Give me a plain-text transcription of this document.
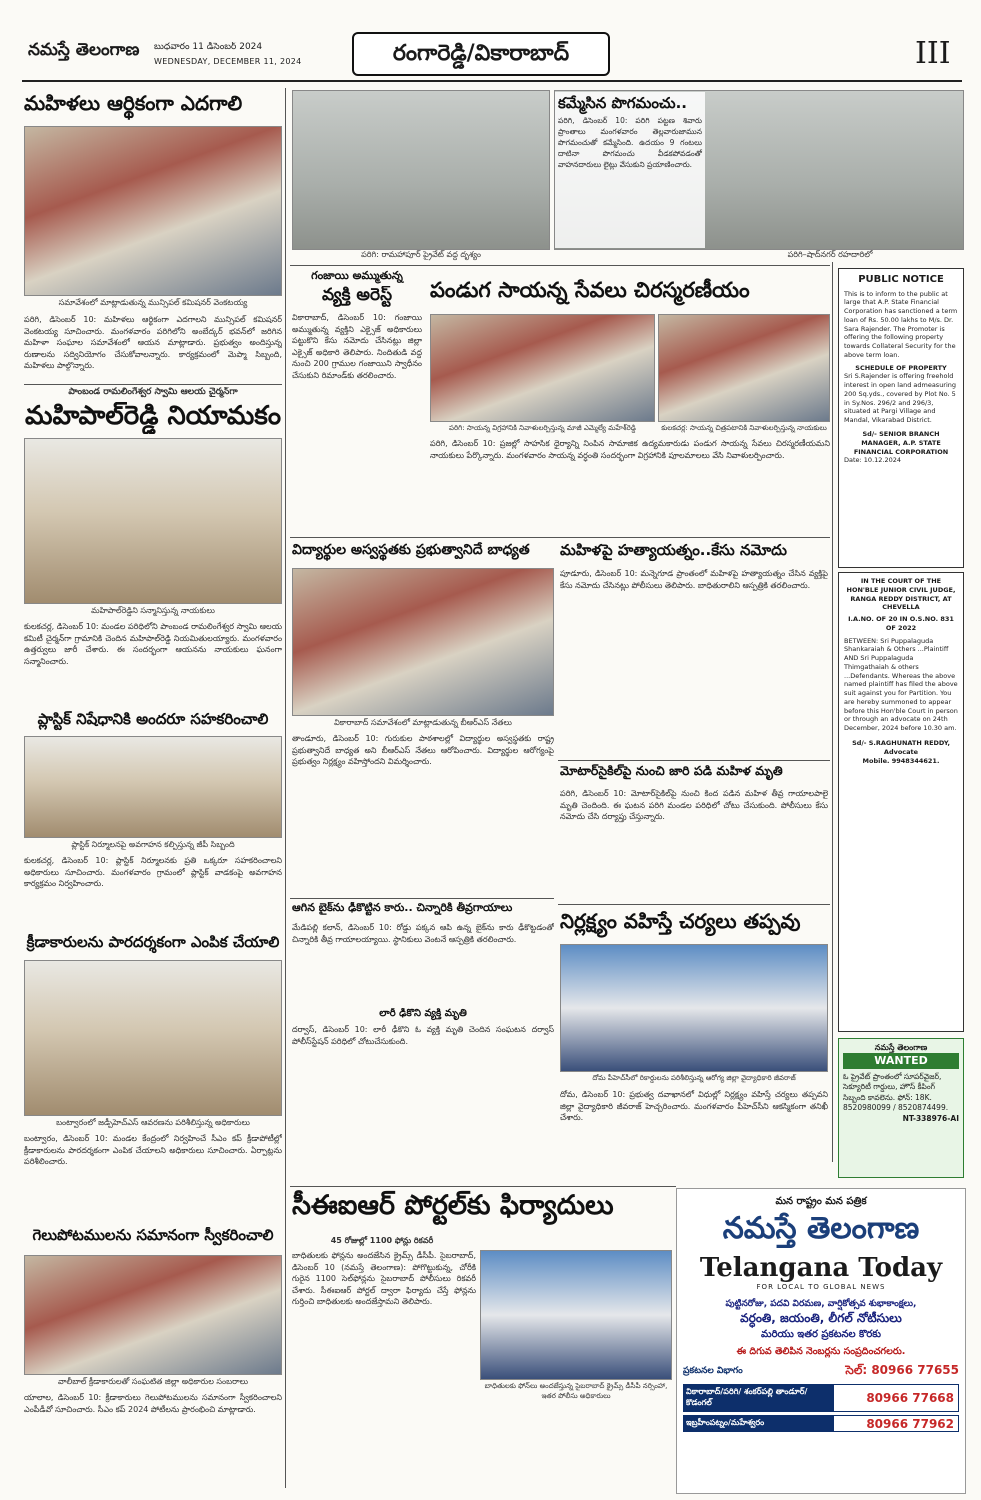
నమస్తే తెలంగాణ	బుధవారం 11 డిసెంబర్ 2024
WEDNESDAY, DECEMBER 11, 2024	రంగారెడ్డి/వికారాబాద్	III
మహిళలు ఆర్థికంగా ఎదగాలి
సమావేశంలో మాట్లాడుతున్న మున్సిపల్ కమిషనర్ వెంకటయ్య
పరిగి, డిసెంబర్ 10: మహిళలు ఆర్థికంగా ఎదగాలని మున్సిపల్ కమిషనర్ వెంకటయ్య సూచించారు. మంగళవారం పరిగిలోని అంబేద్కర్ భవన్‌లో జరిగిన మహిళా సంఘాల సమావేశంలో ఆయన మాట్లాడారు. ప్రభుత్వం అందిస్తున్న రుణాలను సద్వినియోగం చేసుకోవాలన్నారు. కార్యక్రమంలో మెప్మా సిబ్బంది, మహిళలు పాల్గొన్నారు.
పాంబండ రామలింగేశ్వర స్వామి ఆలయ చైర్మన్‌గా
మహిపాల్‌రెడ్డి నియామకం
మహిపాల్‌రెడ్డిని సన్మానిస్తున్న నాయకులు
కులకచర్ల, డిసెంబర్ 10: మండల పరిధిలోని పాంబండ రామలింగేశ్వర స్వామి ఆలయ కమిటీ చైర్మన్‌గా గ్రామానికి చెందిన మహిపాల్‌రెడ్డి నియమితులయ్యారు. మంగళవారం ఉత్తర్వులు జారీ చేశారు. ఈ సందర్భంగా ఆయనను నాయకులు ఘనంగా సన్మానించారు.
ప్లాస్టిక్ నిషేధానికి అందరూ సహకరించాలి
ప్లాస్టిక్ నిర్మూలనపై అవగాహన కల్పిస్తున్న జీపీ సిబ్బంది
కులకచర్ల, డిసెంబర్ 10: ప్లాస్టిక్ నిర్మూలనకు ప్రతి ఒక్కరూ సహకరించాలని అధికారులు సూచించారు. మంగళవారం గ్రామంలో ప్లాస్టిక్ వాడకంపై అవగాహన కార్యక్రమం నిర్వహించారు.
క్రీడాకారులను పారదర్శకంగా ఎంపిక చేయాలి
బంట్వారంలో జడ్పీహెచ్ఎస్ ఆవరణను పరిశీలిస్తున్న అధికారులు
బంట్వారం, డిసెంబర్ 10: మండల కేంద్రంలో నిర్వహించే సీఎం కప్ క్రీడాపోటీల్లో క్రీడాకారులను పారదర్శకంగా ఎంపిక చేయాలని అధికారులు సూచించారు. ఏర్పాట్లను పరిశీలించారు.
గెలుపోటములను సమానంగా స్వీకరించాలి
వాలీబాల్ క్రీడాకారులతో సంఘటిత జిల్లా అధికారుల సంబరాలు
యాలాల, డిసెంబర్ 10: క్రీడాకారులు గెలుపోటములను సమానంగా స్వీకరించాలని ఎంపీడీవో సూచించారు. సీఎం కప్ 2024 పోటీలను ప్రారంభించి మాట్లాడారు.
పరిగి: రామహాపూర్ ప్రైవేట్ వద్ద దృశ్యం
కమ్మేసిన పొగమంచు..
పరిగి, డిసెంబర్ 10: పరిగి పట్టణ శివారు ప్రాంతాలు మంగళవారం తెల్లవారుజామున పొగమంచుతో కమ్మేసింది. ఉదయం 9 గంటలు దాటినా పొగమంచు వీడకపోవడంతో వాహనదారులు లైట్లు వేసుకుని ప్రయాణించారు.
పరిగి–షాద్‌నగర్ రహదారిలో
గంజాయి అమ్ముతున్న
వ్యక్తి అరెస్ట్
వికారాబాద్, డిసెంబర్ 10: గంజాయి అమ్ముతున్న వ్యక్తిని ఎక్సైజ్ అధికారులు పట్టుకొని కేసు నమోదు చేసినట్లు జిల్లా ఎక్సైజ్ అధికారి తెలిపారు. నిందితుడి వద్ద నుంచి 200 గ్రాముల గంజాయిని స్వాధీనం చేసుకుని రిమాండ్‌కు తరలించారు.
పండుగ సాయన్న సేవలు చిరస్మరణీయం
పరిగి: సాయన్న విగ్రహానికి నివాళులర్పిస్తున్న మాజీ ఎమ్మెల్యే మహేశ్‌రెడ్డి	కులకచర్ల: సాయన్న చిత్రపటానికి నివాళులర్పిస్తున్న నాయకులు
పరిగి, డిసెంబర్ 10: ప్రజల్లో సాహసిక ధైర్యాన్ని నింపిన సామాజిక ఉద్యమకారుడు పండుగ సాయన్న సేవలు చిరస్మరణీయమని నాయకులు పేర్కొన్నారు. మంగళవారం సాయన్న వర్ధంతి సందర్భంగా విగ్రహానికి పూలమాలలు వేసి నివాళులర్పించారు.
విద్యార్థుల అస్వస్థతకు ప్రభుత్వానిదే బాధ్యత
వికారాబాద్ సమావేశంలో మాట్లాడుతున్న బీఆర్ఎస్ నేతలు
తాండూరు, డిసెంబర్ 10: గురుకుల పాఠశాలల్లో విద్యార్థుల అస్వస్థతకు రాష్ట్ర ప్రభుత్వానిదే బాధ్యత అని బీఆర్ఎస్ నేతలు ఆరోపించారు. విద్యార్థుల ఆరోగ్యంపై ప్రభుత్వం నిర్లక్ష్యం వహిస్తోందని విమర్శించారు.
మహిళపై హత్యాయత్నం..కేసు నమోదు
పూడూరు, డిసెంబర్ 10: మన్నెగూడ ప్రాంతంలో మహిళపై హత్యాయత్నం చేసిన వ్యక్తిపై కేసు నమోదు చేసినట్లు పోలీసులు తెలిపారు. బాధితురాలిని ఆస్పత్రికి తరలించారు.
మోటార్‌సైకిల్‌పై నుంచి జారి పడి మహిళ మృతి
పరిగి, డిసెంబర్ 10: మోటార్‌సైకిల్‌పై నుంచి కింద పడిన మహిళ తీవ్ర గాయాలపాలై మృతి చెందింది. ఈ ఘటన పరిగి మండల పరిధిలో చోటు చేసుకుంది. పోలీసులు కేసు నమోదు చేసి దర్యాప్తు చేస్తున్నారు.
ఆగిన బైక్‌ను ఢీకొట్టిన కారు.. చిన్నారికి తీవ్రగాయాలు
మేడిపల్లి కలాన్, డిసెంబర్ 10: రోడ్డు పక్కన ఆపి ఉన్న బైక్‌ను కారు ఢీకొట్టడంతో చిన్నారికి తీవ్ర గాయాలయ్యాయి. స్థానికులు వెంటనే ఆస్పత్రికి తరలించారు.
లారీ ఢీకొని వ్యక్తి మృతి
దర్వాస్, డిసెంబర్ 10: లారీ ఢీకొని ఓ వ్యక్తి మృతి చెందిన సంఘటన దర్వాస్ పోలీస్‌స్టేషన్ పరిధిలో చోటుచేసుకుంది.
నిర్లక్ష్యం వహిస్తే చర్యలు తప్పవు
దోమ పీహెచ్‌సీలో రికార్డులను పరిశీలిస్తున్న ఆరోగ్య జిల్లా వైద్యాధికారి జీవరాజ్
దోమ, డిసెంబర్ 10: ప్రభుత్వ దవాఖానలో విధుల్లో నిర్లక్ష్యం వహిస్తే చర్యలు తప్పవని జిల్లా వైద్యాధికారి జీవరాజ్ హెచ్చరించారు. మంగళవారం పీహెచ్‌సీని ఆకస్మికంగా తనిఖీ చేశారు.
PUBLIC NOTICE
This is to inform to the public at large that A.P. State Financial Corporation has sanctioned a term loan of Rs. 50.00 lakhs to M/s. Dr. Sara Rajender. The Promoter is offering the following property towards Collateral Security for the above term loan.
SCHEDULE OF PROPERTY
Sri S.Rajender is offering freehold interest in open land admeasuring 200 Sq.yds., covered by Plot No. 5 in Sy.Nos. 296/2 and 296/3, situated at Pargi Village and Mandal, Vikarabad District.
Sd/- SENIOR BRANCH MANAGER, A.P. STATE FINANCIAL CORPORATION
Date: 10.12.2024
IN THE COURT OF THE HON'BLE JUNIOR CIVIL JUDGE, RANGA REDDY DISTRICT, AT CHEVELLA
I.A.NO. OF 20 IN O.S.NO. 831 OF 2022
BETWEEN: Sri Puppalaguda Shankaraiah & Others ...Plaintiff AND Sri Puppalaguda Thimgathaiah & others ...Defendants. Whereas the above named plaintiff has filed the above suit against you for Partition. You are hereby summoned to appear before this Hon'ble Court in person or through an advocate on 24th December, 2024 before 10.30 am.
Sd/- S.RAGHUNATH REDDY, Advocate
Mobile. 9948344621.
నమస్తే తెలంగాణ
WANTED
ఓ ప్రైవేట్ ప్రాంతంలో సూపర్‌వైజర్, సెక్యూరిటీ గార్డులు, హౌస్ కీపింగ్ సిబ్బంది కావలెను. ఫోన్: 18K. 8520980099 / 8520874499.
NT-338976-AI
సీఈఐఆర్ పోర్టల్‌కు ఫిర్యాదులు
45 రోజుల్లో 1100 ఫోన్లు రికవరీ
బాధితులకు ఫోన్లను అందజేసిన క్రైమ్స్ డీసీపీ. సైబరాబాద్, డిసెంబర్ 10 (నమస్తే తెలంగాణ): పోగొట్టుకున్న, చోరీకి గురైన 1100 సెల్‌ఫోన్లను సైబరాబాద్ పోలీసులు రికవరీ చేశారు. సీఈఐఆర్ పోర్టల్ ద్వారా ఫిర్యాదు చేస్తే ఫోన్లను గుర్తించి బాధితులకు అందజేస్తామని తెలిపారు.
బాధితులకు ఫోన్‌లు అందజేస్తున్న సైబరాబాద్ క్రైమ్స్ డీసీపీ నర్సింహా, ఇతర పోలీసు అధికారులు
మన రాష్ట్రం మన పత్రిక
నమస్తే తెలంగాణ
Telangana Today
FOR LOCAL TO GLOBAL NEWS
పుట్టినరోజు, పదవి విరమణ, వార్షికోత్సవ శుభాకాంక్షలు,
వర్ధంతి, జయంతి, లీగల్ నోటీసులు
మరియు ఇతర ప్రకటనల కొరకు
ఈ దిగువ తెలిపిన నెంబర్లను సంప్రదించగలరు.
ప్రకటనల విభాగం	సెల్: 80966 77655
వికారాబాద్/పరిగి/ శంకర్‌పల్లి తాండూర్/కొడంగల్	80966 77668
ఇబ్రహీంపట్నం/మహేశ్వరం	80966 77962
